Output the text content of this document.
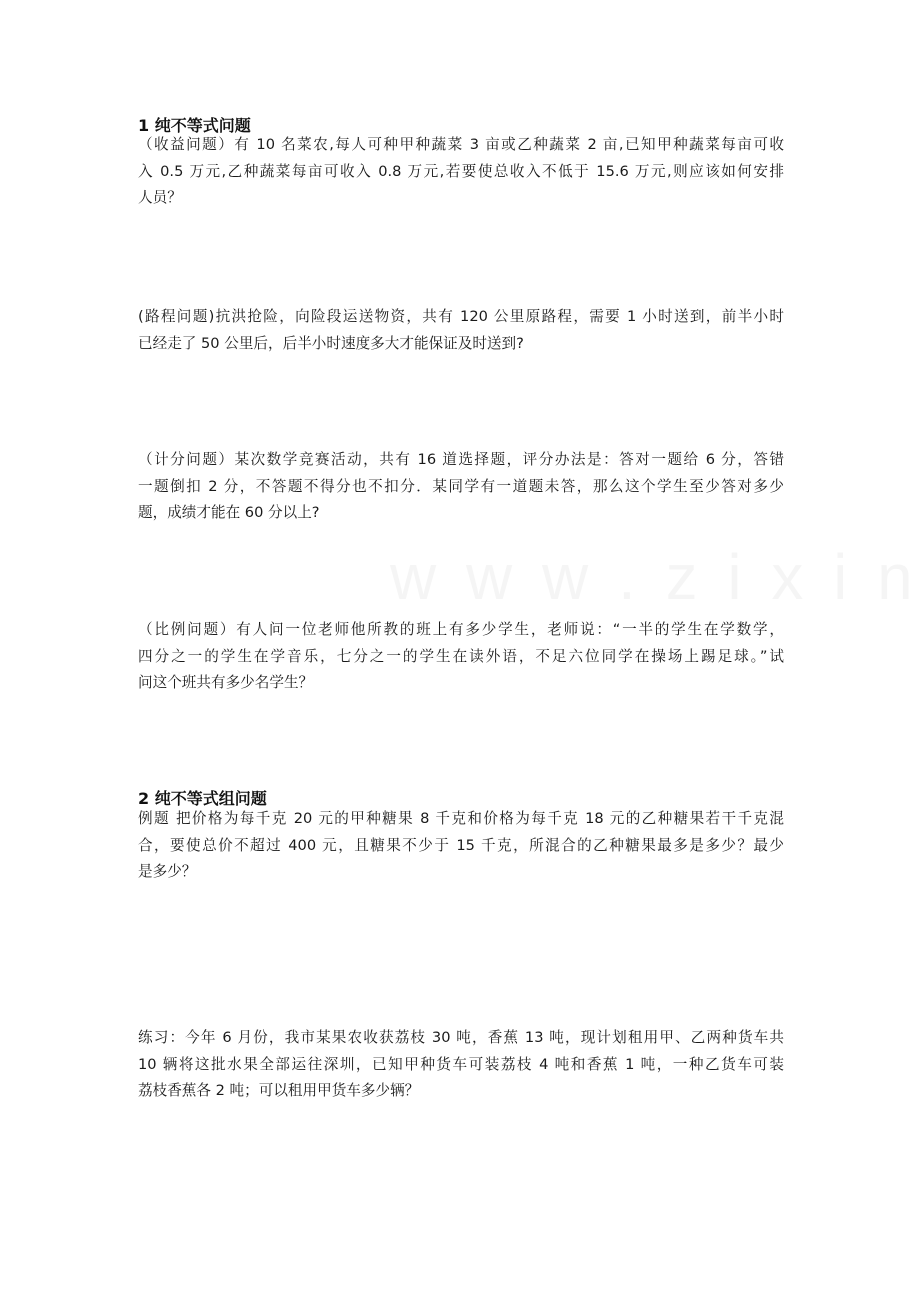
1 纯不等式问题
（收益问题）有 10 名菜农,每人可种甲种蔬菜 3 亩或乙种蔬菜 2 亩,已知甲种蔬菜每亩可收
入 0.5 万元,乙种蔬菜每亩可收入 0.8 万元,若要使总收入不低于 15.6 万元,则应该如何安排
人员？
(路程问题)抗洪抢险，向险段运送物资，共有 120 公里原路程，需要 1 小时送到，前半小时
已经走了 50 公里后，后半小时速度多大才能保证及时送到?
（计分问题）某次数学竞赛活动，共有 16 道选择题，评分办法是：答对一题给 6 分，答错
一题倒扣 2 分，不答题不得分也不扣分．某同学有一道题未答，那么这个学生至少答对多少
题，成绩才能在 60 分以上?
（比例问题）有人问一位老师他所教的班上有多少学生，老师说：“一半的学生在学数学，
四分之一的学生在学音乐，七分之一的学生在读外语，不足六位同学在操场上踢足球。”试
问这个班共有多少名学生？
2 纯不等式组问题
例题 把价格为每千克 20 元的甲种糖果 8 千克和价格为每千克 18 元的乙种糖果若干千克混
合，要使总价不超过 400 元，且糖果不少于 15 千克，所混合的乙种糖果最多是多少？最少
是多少？
练习：今年 6 月份，我市某果农收获荔枝 30 吨，香蕉 13 吨，现计划租用甲、乙两种货车共
10 辆将这批水果全部运往深圳，已知甲种货车可装荔枝 4 吨和香蕉 1 吨，一种乙货车可装
荔枝香蕉各 2 吨；可以租用甲货车多少辆？
